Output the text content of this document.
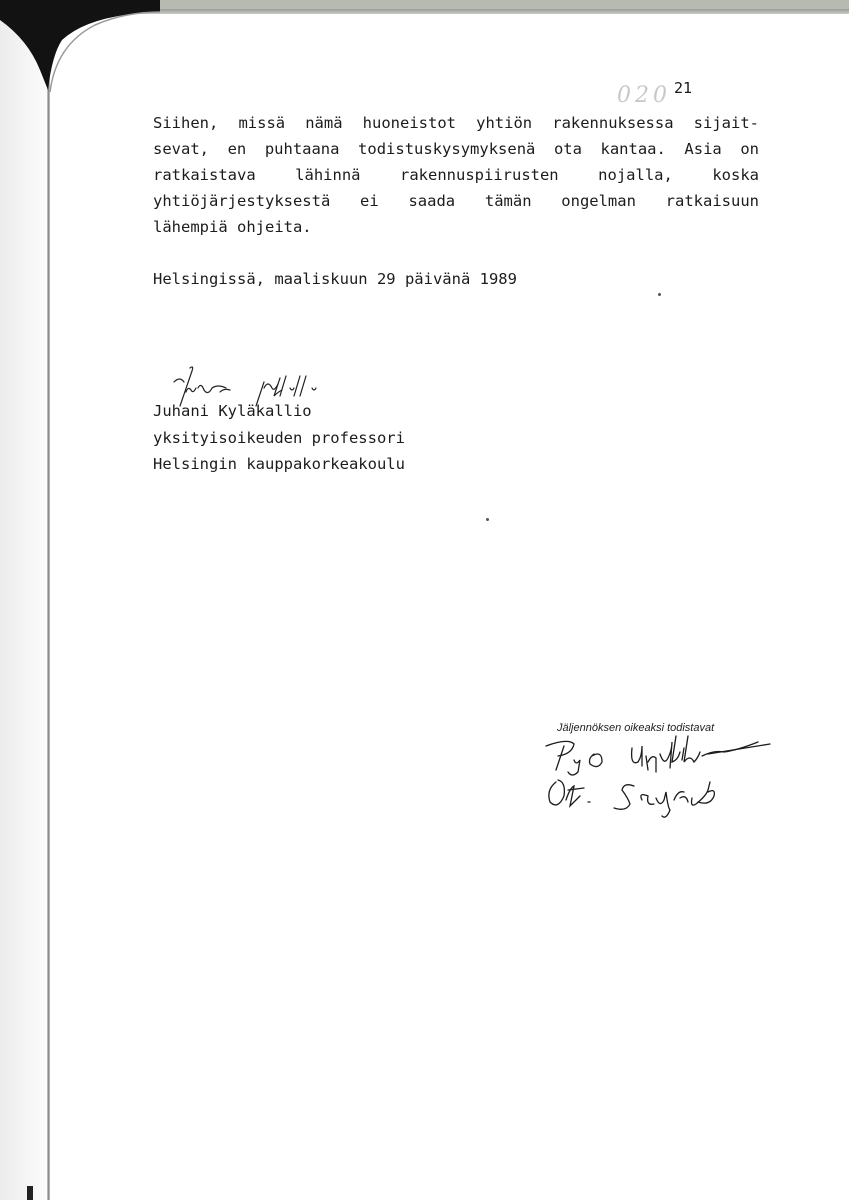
020 21
Siihen, missä nämä huoneistot yhtiön rakennuksessa sijait-
sevat, en puhtaana todistuskysymyksenä ota kantaa. Asia on
ratkaistava lähinnä rakennuspiirusten nojalla, koska
yhtiöjärjestyksestä ei saada tämän ongelman ratkaisuun
lähempiä ohjeita.
Helsingissä, maaliskuun 29 päivänä 1989
Juhani Kyläkallio
yksityisoikeuden professori
Helsingin kauppakorkeakoulu
Jäljennöksen oikeaksi todistavat
